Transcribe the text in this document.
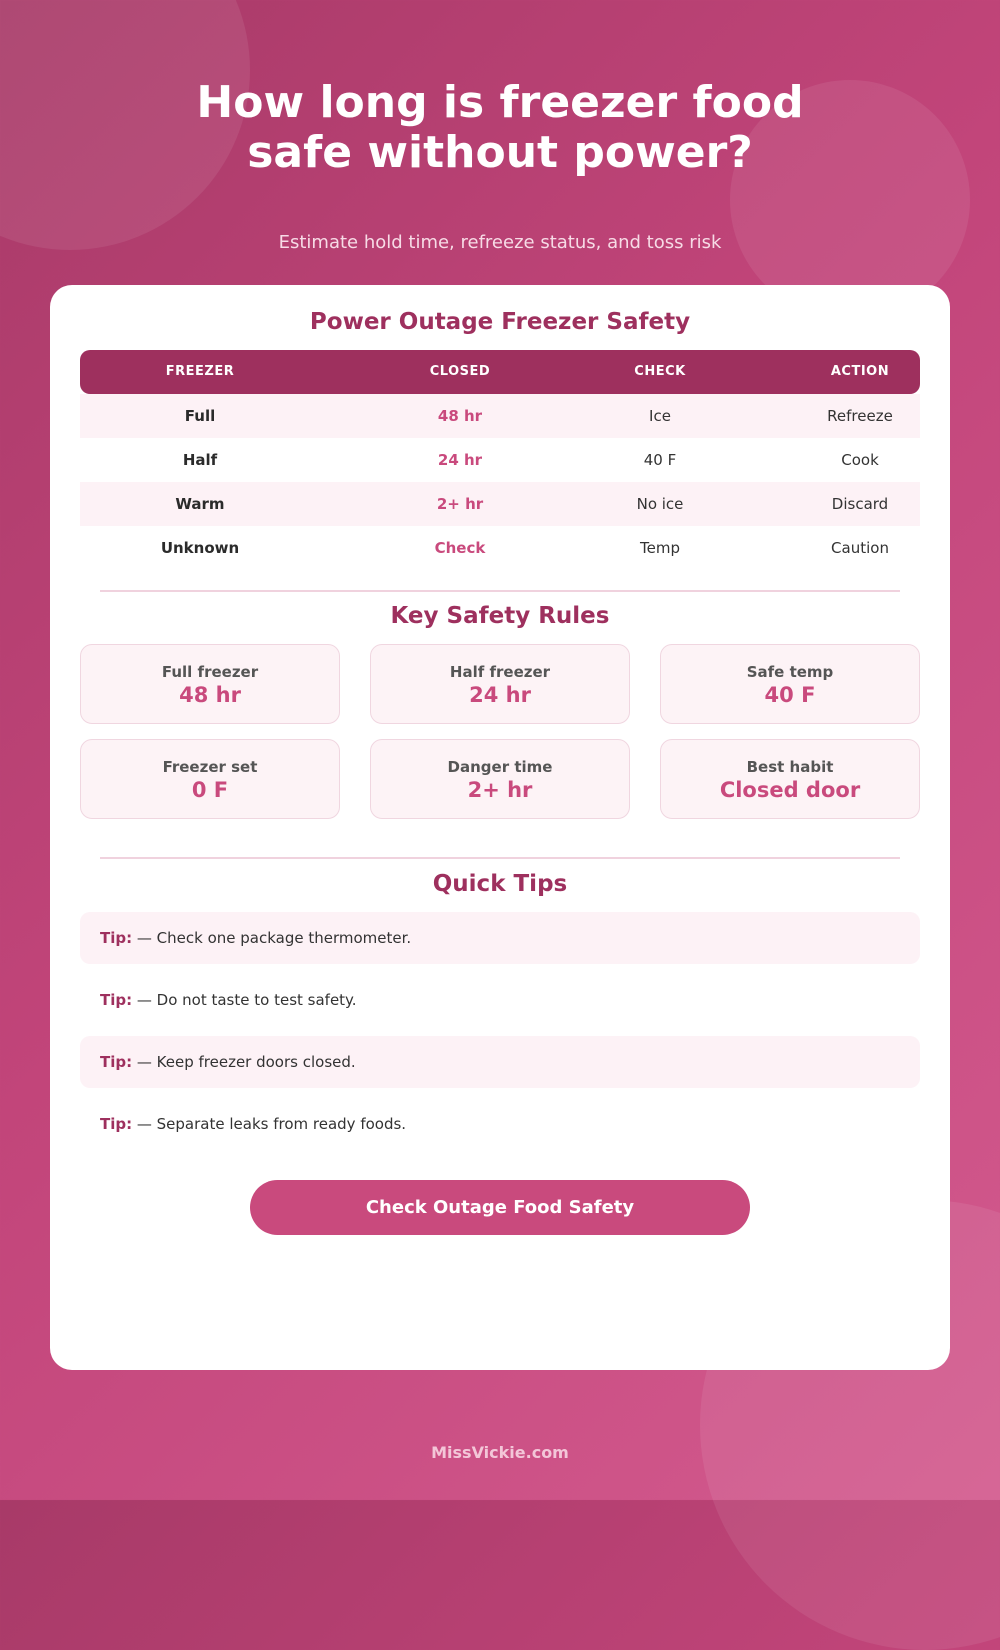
How long is freezer food
safe without power?
Estimate hold time, refreeze status, and toss risk
Power Outage Freezer Safety
FREEZER	CLOSED	CHECK	ACTION
Full	48 hr	Ice	Refreeze
Half	24 hr	40 F	Cook
Warm	2+ hr	No ice	Discard
Unknown	Check	Temp	Caution
Key Safety Rules
Full freezer
48 hr
Half freezer
24 hr
Safe temp
40 F
Freezer set
0 F
Danger time
2+ hr
Best habit
Closed door
Quick Tips
Tip: — Check one package thermometer.
Tip: — Do not taste to test safety.
Tip: — Keep freezer doors closed.
Tip: — Separate leaks from ready foods.
Check Outage Food Safety
MissVickie.com
